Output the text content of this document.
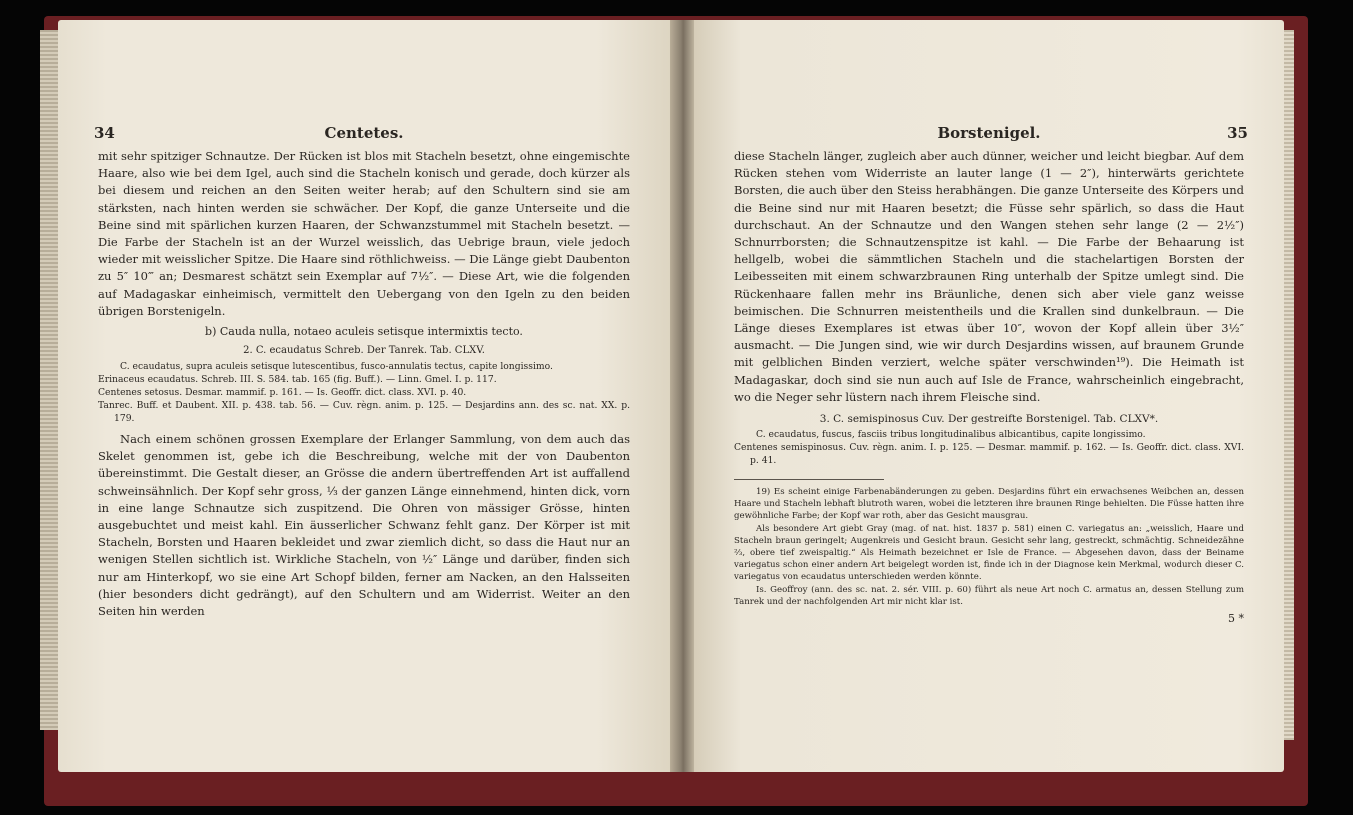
34	Centetes.

mit sehr spitziger Schnautze. Der Rücken ist blos mit Stacheln besetzt, ohne eingemischte Haare, also wie bei dem Igel, auch sind die Stacheln konisch und gerade, doch kürzer als bei diesem und reichen an den Seiten weiter herab; auf den Schultern sind sie am stärksten, nach hinten werden sie schwächer. Der Kopf, die ganze Unterseite und die Beine sind mit spärlichen kurzen Haaren, der Schwanzstummel mit Stacheln besetzt. — Die Farbe der Stacheln ist an der Wurzel weisslich, das Uebrige braun, viele jedoch wieder mit weisslicher Spitze. Die Haare sind röthlichweiss. — Die Länge giebt Daubenton zu 5″ 10‴ an; Desmarest schätzt sein Exemplar auf 7½″. — Diese Art, wie die folgenden auf Madagaskar einheimisch, vermittelt den Uebergang von den Igeln zu den beiden übrigen Borstenigeln.

b) Cauda nulla, notaeo aculeis setisque intermixtis tecto.

2. C. ecaudatus Schreb. Der Tanrek. Tab. CLXV.

C. ecaudatus, supra aculeis setisque lutescentibus, fusco-annulatis tectus, capite longissimo.

Erinaceus ecaudatus. Schreb. III. S. 584. tab. 165 (fig. Buff.). — Linn. Gmel. I. p. 117.

Centenes setosus. Desmar. mammif. p. 161. — Is. Geoffr. dict. class. XVI. p. 40.

Tanrec. Buff. et Daubent. XII. p. 438. tab. 56. — Cuv. règn. anim. p. 125. — Desjardins ann. des sc. nat. XX. p. 179.

Nach einem schönen grossen Exemplare der Erlanger Sammlung, von dem auch das Skelet genommen ist, gebe ich die Beschreibung, welche mit der von Daubenton übereinstimmt. Die Gestalt dieser, an Grösse die andern übertreffenden Art ist auffallend schweinsähnlich. Der Kopf sehr gross, ⅓ der ganzen Länge einnehmend, hinten dick, vorn in eine lange Schnautze sich zuspitzend. Die Ohren von mässiger Grösse, hinten ausgebuchtet und meist kahl. Ein äusserlicher Schwanz fehlt ganz. Der Körper ist mit Stacheln, Borsten und Haaren bekleidet und zwar ziemlich dicht, so dass die Haut nur an wenigen Stellen sichtlich ist. Wirkliche Stacheln, von ½″ Länge und darüber, finden sich nur am Hinterkopf, wo sie eine Art Schopf bilden, ferner am Nacken, an den Halsseiten (hier besonders dicht gedrängt), auf den Schultern und am Widerrist. Weiter an den Seiten hin werden

Borstenigel.	35

diese Stacheln länger, zugleich aber auch dünner, weicher und leicht biegbar. Auf dem Rücken stehen vom Widerriste an lauter lange (1 — 2″), hinterwärts gerichtete Borsten, die auch über den Steiss herabhängen. Die ganze Unterseite des Körpers und die Beine sind nur mit Haaren besetzt; die Füsse sehr spärlich, so dass die Haut durchschaut. An der Schnautze und den Wangen stehen sehr lange (2 — 2½″) Schnurrborsten; die Schnautzenspitze ist kahl. — Die Farbe der Behaarung ist hellgelb, wobei die sämmtlichen Stacheln und die stachelartigen Borsten der Leibesseiten mit einem schwarzbraunen Ring unterhalb der Spitze umlegt sind. Die Rückenhaare fallen mehr ins Bräunliche, denen sich aber viele ganz weisse beimischen. Die Schnurren meistentheils und die Krallen sind dunkelbraun. — Die Länge dieses Exemplares ist etwas über 10″, wovon der Kopf allein über 3½″ ausmacht. — Die Jungen sind, wie wir durch Desjardins wissen, auf braunem Grunde mit gelblichen Binden verziert, welche später verschwinden¹⁹). Die Heimath ist Madagaskar, doch sind sie nun auch auf Isle de France, wahrscheinlich eingebracht, wo die Neger sehr lüstern nach ihrem Fleische sind.

3. C. semispinosus Cuv. Der gestreifte Borstenigel. Tab. CLXV*.

C. ecaudatus, fuscus, fasciis tribus longitudinalibus albicantibus, capite longissimo.

Centenes semispinosus. Cuv. règn. anim. I. p. 125. — Desmar. mammif. p. 162. — Is. Geoffr. dict. class. XVI. p. 41.

19) Es scheint einige Farbenabänderungen zu geben. Desjardins führt ein erwachsenes Weibchen an, dessen Haare und Stacheln lebhaft blutroth waren, wobei die letzteren ihre braunen Ringe behielten. Die Füsse hatten ihre gewöhnliche Farbe; der Kopf war roth, aber das Gesicht mausgrau.

Als besondere Art giebt Gray (mag. of nat. hist. 1837 p. 581) einen C. variegatus an: „weisslich, Haare und Stacheln braun geringelt; Augenkreis und Gesicht braun. Gesicht sehr lang, gestreckt, schmächtig. Schneidezähne ⅔, obere tief zweispaltig.“ Als Heimath bezeichnet er Isle de France. — Abgesehen davon, dass der Beiname variegatus schon einer andern Art beigelegt worden ist, finde ich in der Diagnose kein Merkmal, wodurch dieser C. variegatus von ecaudatus unterschieden werden könnte.

Is. Geoffroy (ann. des sc. nat. 2. sér. VIII. p. 60) führt als neue Art noch C. armatus an, dessen Stellung zum Tanrek und der nachfolgenden Art mir nicht klar ist.

5 *
